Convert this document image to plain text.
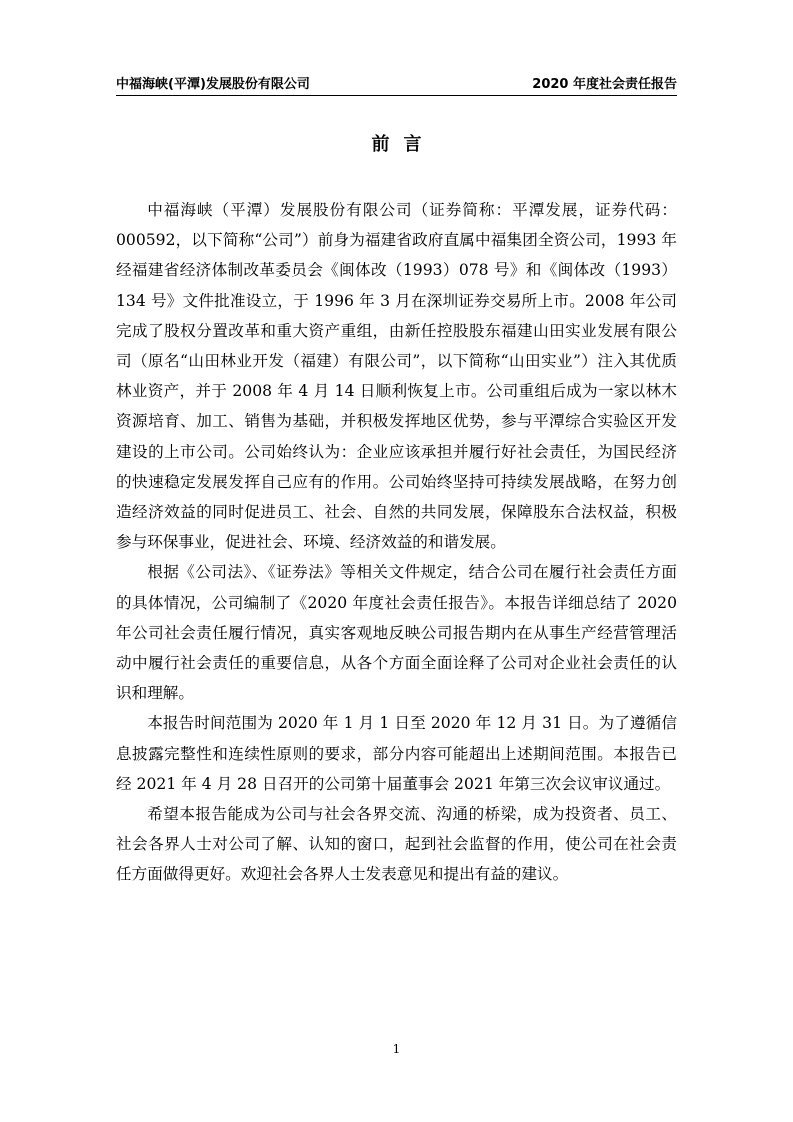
中福海峡(平潭)发展股份有限公司	2020 年度社会责任报告
前言

中福海峡（平潭）发展股份有限公司（证券简称：平潭发展，证券代码：000592，以下简称“公司”）前身为福建省政府直属中福集团全资公司，1993 年经福建省经济体制改革委员会《闽体改（1993）078 号》和《闽体改（1993）134 号》文件批准设立，于 1996 年 3 月在深圳证券交易所上市。2008 年公司完成了股权分置改革和重大资产重组，由新任控股股东福建山田实业发展有限公司（原名“山田林业开发（福建）有限公司”，以下简称“山田实业”）注入其优质林业资产，并于 2008 年 4 月 14 日顺利恢复上市。公司重组后成为一家以林木资源培育、加工、销售为基础，并积极发挥地区优势，参与平潭综合实验区开发建设的上市公司。公司始终认为：企业应该承担并履行好社会责任，为国民经济的快速稳定发展发挥自己应有的作用。公司始终坚持可持续发展战略，在努力创造经济效益的同时促进员工、社会、自然的共同发展，保障股东合法权益，积极参与环保事业，促进社会、环境、经济效益的和谐发展。

根据《公司法》、《证券法》等相关文件规定，结合公司在履行社会责任方面的具体情况，公司编制了《2020 年度社会责任报告》。本报告详细总结了 2020 年公司社会责任履行情况，真实客观地反映公司报告期内在从事生产经营管理活动中履行社会责任的重要信息，从各个方面全面诠释了公司对企业社会责任的认识和理解。

本报告时间范围为 2020 年 1 月 1 日至 2020 年 12 月 31 日。为了遵循信息披露完整性和连续性原则的要求，部分内容可能超出上述期间范围。本报告已经 2021 年 4 月 28 日召开的公司第十届董事会 2021 年第三次会议审议通过。

希望本报告能成为公司与社会各界交流、沟通的桥梁，成为投资者、员工、社会各界人士对公司了解、认知的窗口，起到社会监督的作用，使公司在社会责任方面做得更好。欢迎社会各界人士发表意见和提出有益的建议。

1
